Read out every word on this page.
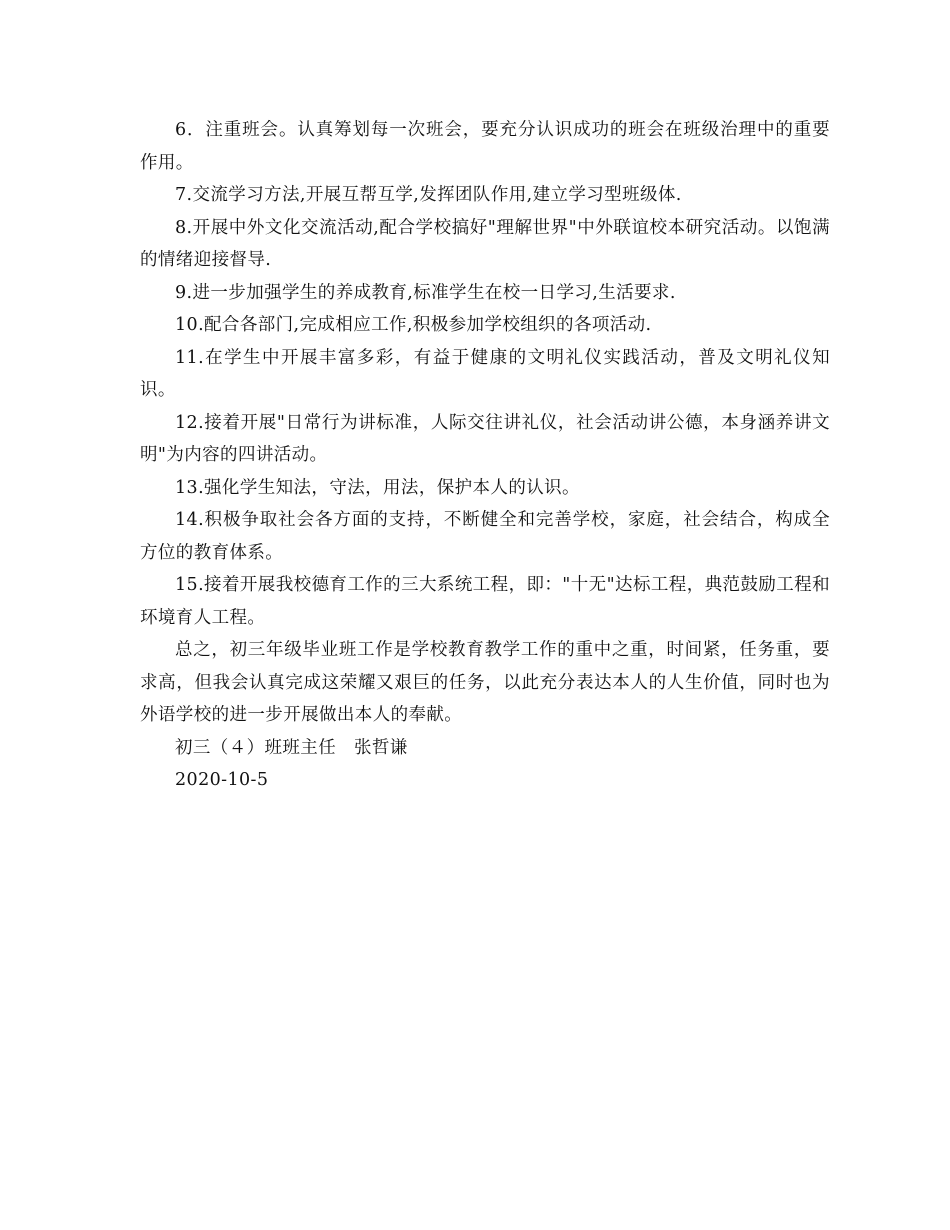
6．注重班会。认真筹划每一次班会，要充分认识成功的班会在班级治理中的重要作用。

7.交流学习方法,开展互帮互学,发挥团队作用,建立学习型班级体.

8.开展中外文化交流活动,配合学校搞好"理解世界"中外联谊校本研究活动。以饱满的情绪迎接督导.

9.进一步加强学生的养成教育,标准学生在校一日学习,生活要求.

10.配合各部门,完成相应工作,积极参加学校组织的各项活动.

11.在学生中开展丰富多彩，有益于健康的文明礼仪实践活动，普及文明礼仪知识。

12.接着开展"日常行为讲标准，人际交往讲礼仪，社会活动讲公德，本身涵养讲文明"为内容的四讲活动。

13.强化学生知法，守法，用法，保护本人的认识。

14.积极争取社会各方面的支持，不断健全和完善学校，家庭，社会结合，构成全方位的教育体系。

15.接着开展我校德育工作的三大系统工程，即："十无"达标工程，典范鼓励工程和环境育人工程。

总之，初三年级毕业班工作是学校教育教学工作的重中之重，时间紧，任务重，要求高，但我会认真完成这荣耀又艰巨的任务，以此充分表达本人的人生价值，同时也为外语学校的进一步开展做出本人的奉献。

初三（４）班班主任　张哲谦

2020-10-5
